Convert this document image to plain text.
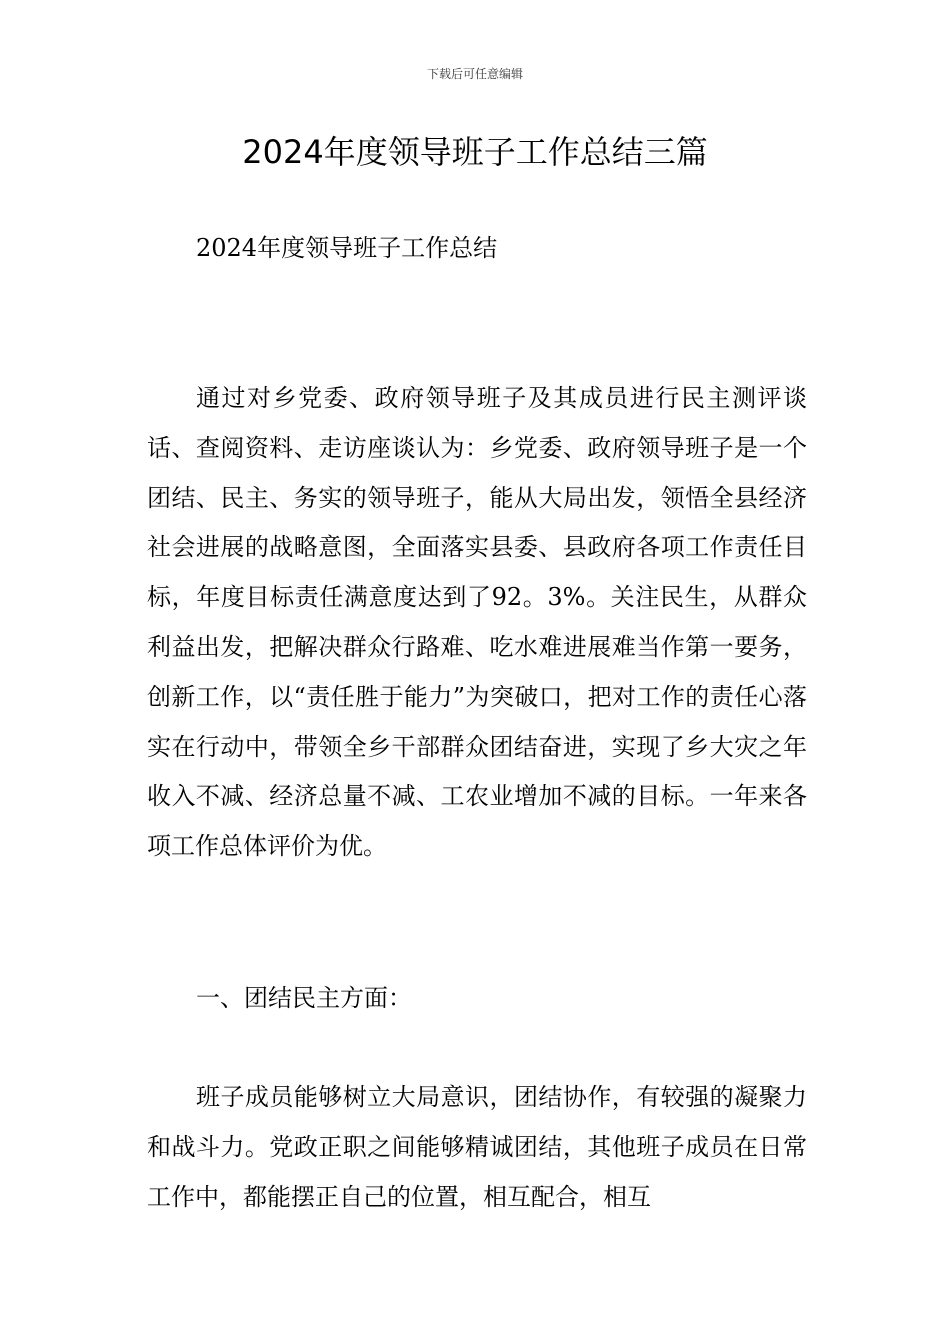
下载后可任意编辑
2024年度领导班子工作总结三篇
2024年度领导班子工作总结

通过对乡党委、政府领导班子及其成员进行民主测评谈话、查阅资料、走访座谈认为：乡党委、政府领导班子是一个团结、民主、务实的领导班子，能从大局出发，领悟全县经济社会进展的战略意图，全面落实县委、县政府各项工作责任目标，年度目标责任满意度达到了92。3%。关注民生，从群众利益出发，把解决群众行路难、吃水难进展难当作第一要务，创新工作，以“责任胜于能力”为突破口，把对工作的责任心落实在行动中，带领全乡干部群众团结奋进，实现了乡大灾之年收入不减、经济总量不减、工农业增加不减的目标。一年来各项工作总体评价为优。

一、团结民主方面：

班子成员能够树立大局意识，团结协作，有较强的凝聚力和战斗力。党政正职之间能够精诚团结，其他班子成员在日常工作中，都能摆正自己的位置，相互配合，相互
